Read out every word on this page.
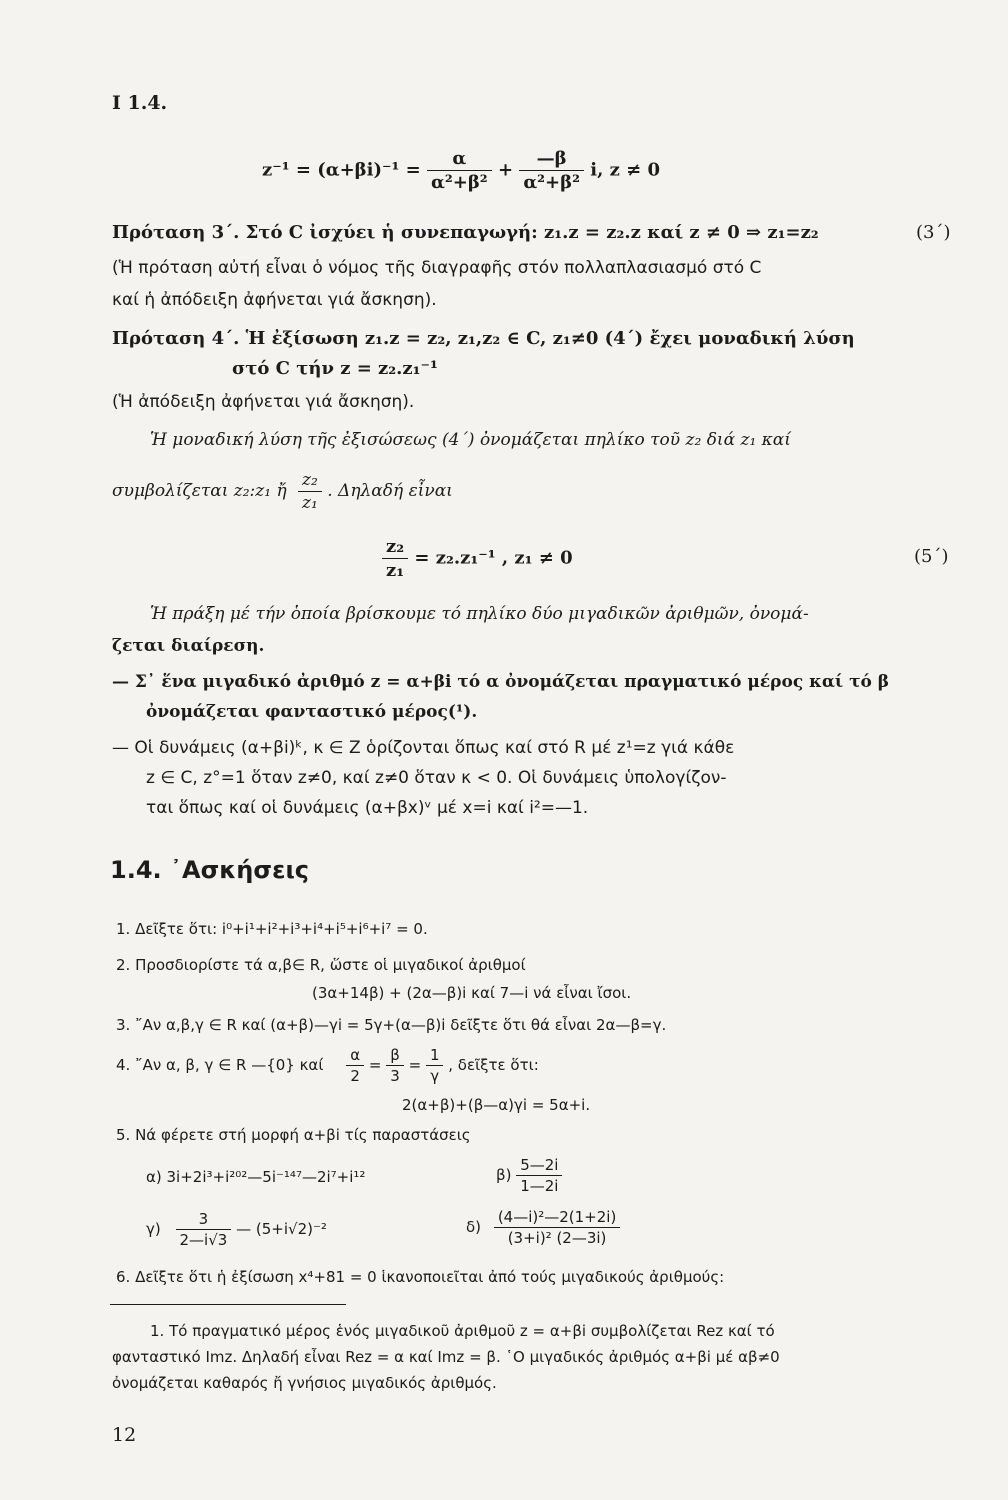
I 1.4.
$z^{-1} = (\alpha+\beta i)^{-1} = \frac{\alpha}{\text{α²+β²}} + \frac{—\beta}{\text{α²+β²}} i$, z ≠ 0
Πρόταση 3΄. Στό C ἰσχύει ἡ συνεπαγωγή: z₁.z = z₂.z καί z ≠ 0 ⇒ z₁=z₂	(3΄)
(Ἡ πρόταση αὐτή εἶναι ὁ νόμος τῆς διαγραφῆς στόν πολλαπλασιασμό στό C
καί ἡ ἀπόδειξη ἀφήνεται γιά ἄσκηση).
Πρόταση 4΄. Ἡ ἐξίσωση z₁.z = z₂, z₁,z₂ ∈ C, z₁≠0 (4΄) ἔχει μοναδική λύση
στό C τήν z = z₂.z₁⁻¹
(Ἡ ἀπόδειξη ἀφήνεται γιά ἄσκηση).
Ἡ μοναδική λύση τῆς ἐξισώσεως (4΄) ὀνομάζεται πηλίκο τοῦ z₂ διά z₁ καί
συμβολίζεται z₂:z₁ ἤ $\frac{\text{z₂}}{\text{z₁}}$ . Δηλαδή εἶναι
$\frac{\text{z₂}}{\text{z₁}} = z_2.z_1^{-1}$ , z₁ ≠ 0	(5΄)
Ἡ πράξη μέ τήν ὁποία βρίσκουμε τό πηλίκο δύο μιγαδικῶν ἀριθμῶν, ὀνομά-
ζεται διαίρεση.
— Σ᾽ ἕνα μιγαδικό ἀριθμό z = α+βi τό α ὀνομάζεται πραγματικό μέρος καί τό β
ὀνομάζεται φανταστικό μέρος(¹).
— Οἱ δυνάμεις (α+βi)ᵏ, κ ∈ Z ὁρίζονται ὅπως καί στό R μέ z¹=z γιά κάθε
z ∈ C, z°=1 ὅταν z≠0, καί z≠0 ὅταν κ < 0. Οἱ δυνάμεις ὑπολογίζον-
ται ὅπως καί οἱ δυνάμεις (α+βx)ᵛ μέ x=i καί i²=—1.
1.4. ᾿Ασκήσεις
1. Δεῖξτε ὅτι: i⁰+i¹+i²+i³+i⁴+i⁵+i⁶+i⁷ = 0.
2. Προσδιορίστε τά α,β∈ R, ὥστε οἱ μιγαδικοί ἀριθμοί
(3α+14β) + (2α—β)i καί 7—i νά εἶναι ἴσοι.
3. ῎Αν α,β,γ ∈ R καί (α+β)—γi = 5γ+(α—β)i δεῖξτε ὅτι θά εἶναι 2α—β=γ.
4. ῎Αν α, β, γ ∈ R —{0} καί $\frac{\alpha}{2} = \frac{\beta}{3} = \frac{1}{\gamma}$ , δεῖξτε ὅτι:
2(α+β)+(β—α)γi = 5α+i.
5. Νά φέρετε στή μορφή α+βi τίς παραστάσεις
α) 3i+2i³+i²⁰²—5i⁻¹⁴⁷—2i⁷+i¹²	$\beta) \frac{5—2i}{1—2i}$
$\gamma) \frac{3}{2—i√3}$ — (5+i√2)⁻²	$\delta) \frac{\text{(4—i)²—2(1+2i)}}{\text{(3+i)² (2—3i)}}$
6. Δεῖξτε ὅτι ἡ ἐξίσωση x⁴+81 = 0 ἱκανοποιεῖται ἀπό τούς μιγαδικούς ἀριθμούς:
1. Τό πραγματικό μέρος ἑνός μιγαδικοῦ ἀριθμοῦ z = α+βi συμβολίζεται Rez καί τό
φανταστικό Imz. Δηλαδή εἶναι Rez = α καί Imz = β. ῾Ο μιγαδικός ἀριθμός α+βi μέ αβ≠0
ὀνομάζεται καθαρός ἤ γνήσιος μιγαδικός ἀριθμός.
12
